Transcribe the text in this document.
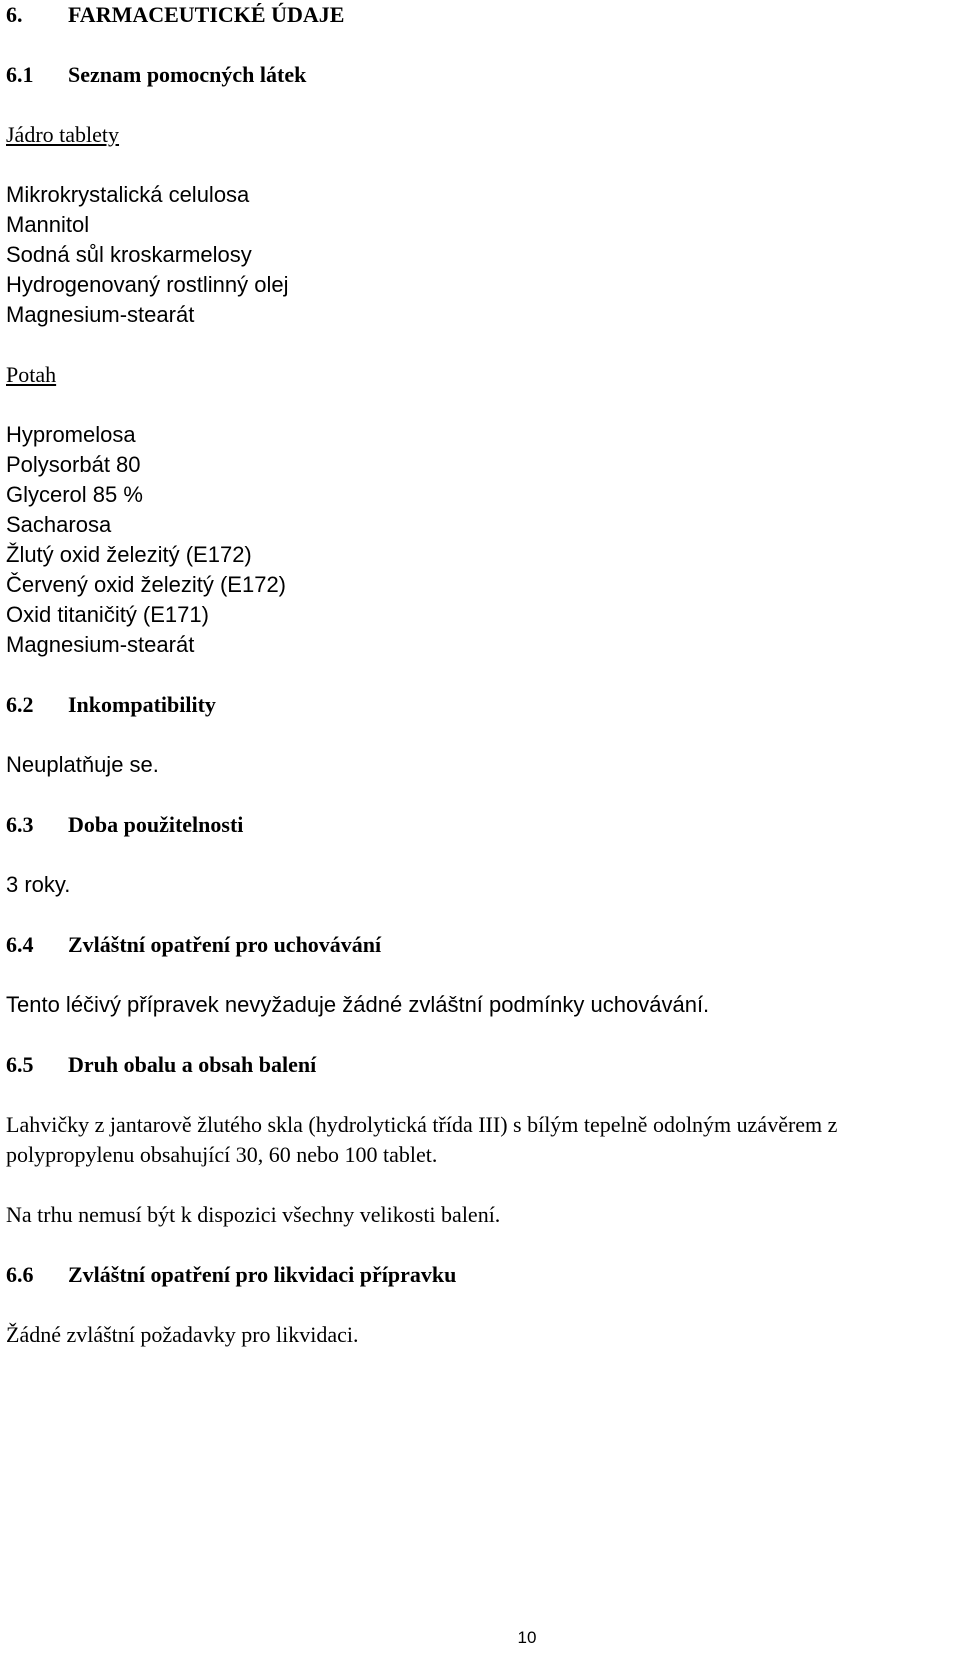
6. FARMACEUTICKÉ ÚDAJE
6.1 Seznam pomocných látek
Jádro tablety
Mikrokrystalická celulosa
Mannitol
Sodná sůl kroskarmelosy
Hydrogenovaný rostlinný olej
Magnesium-stearát
Potah
Hypromelosa
Polysorbát 80
Glycerol 85 %
Sacharosa
Žlutý oxid železitý (E172)
Červený oxid železitý (E172)
Oxid titaničitý (E171)
Magnesium-stearát
6.2 Inkompatibility
Neuplatňuje se.
6.3 Doba použitelnosti
3 roky.
6.4 Zvláštní opatření pro uchovávání
Tento léčivý přípravek nevyžaduje žádné zvláštní podmínky uchovávání.
6.5 Druh obalu a obsah balení
Lahvičky z jantarově žlutého skla (hydrolytická třída III) s bílým tepelně odolným uzávěrem z
polypropylenu obsahující 30, 60 nebo 100 tablet.
Na trhu nemusí být k dispozici všechny velikosti balení.
6.6 Zvláštní opatření pro likvidaci přípravku
Žádné zvláštní požadavky pro likvidaci.
10
